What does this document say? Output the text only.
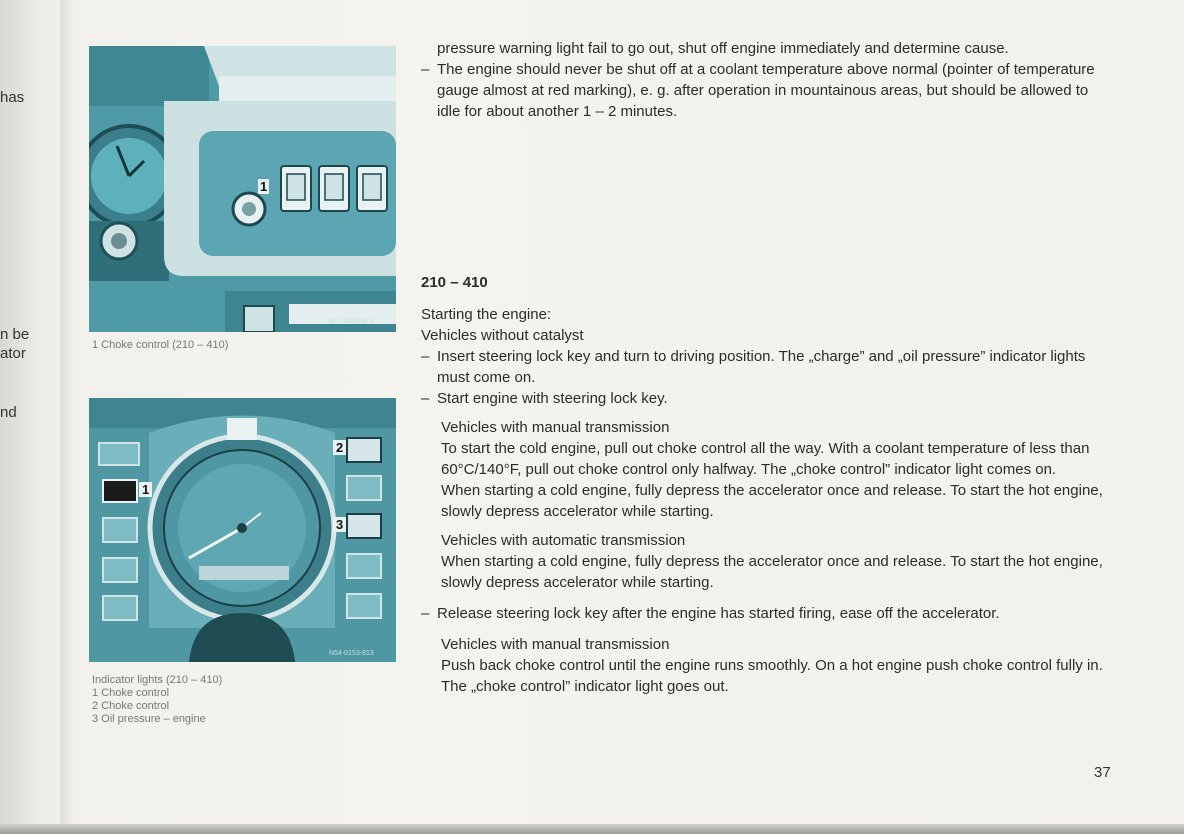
has
n be
ator
nd
1
N07-0002-813
1 Choke control (210 – 410)
1
2
3
N54-0153-813
Indicator lights (210 – 410)
1 Choke control
2 Choke control
3 Oil pressure – engine

pressure warning light fail to go out, shut off engine immediately and determine cause.

– The engine should never be shut off at a coolant temperature above normal (pointer of temperature gauge almost at red marking), e. g. after operation in mountainous areas, but should be allowed to idle for about another 1 – 2 minutes.

210 – 410

Starting the engine:

Vehicles without catalyst

– Insert steering lock key and turn to driving position. The „charge” and „oil pressure” indicator lights must come on.

– Start engine with steering lock key.

Vehicles with manual transmission

To start the cold engine, pull out choke control all the way. With a coolant temperature of less than 60°C/140°F, pull out choke control only halfway. The „choke control” indicator light comes on.

When starting a cold engine, fully depress the accelerator once and release. To start the hot engine, slowly depress accelerator while starting.

Vehicles with automatic transmission

When starting a cold engine, fully depress the accelerator once and release. To start the hot engine, slowly depress accelerator while starting.

– Release steering lock key after the engine has started firing, ease off the accelerator.

Vehicles with manual transmission

Push back choke control until the engine runs smoothly. On a hot engine push choke control fully in. The „choke control” indicator light goes out.

37
